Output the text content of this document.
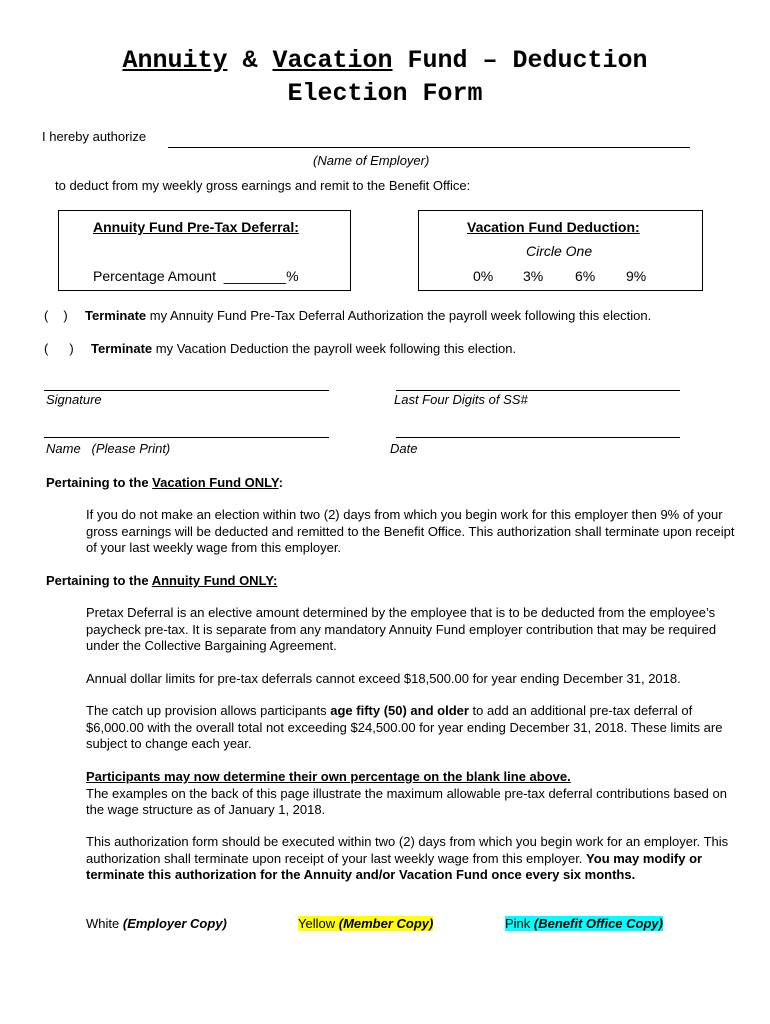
Annuity & Vacation Fund – Deduction
Election Form
I hereby authorize
(Name of Employer)
to deduct from my weekly gross earnings and remit to the Benefit Office:
Annuity Fund Pre-Tax Deferral:
Percentage Amount ________%
Vacation Fund Deduction:
Circle One
0% 3% 6% 9%
( ) Terminate my Annuity Fund Pre-Tax Deferral Authorization the payroll week following this election.
( ) Terminate my Vacation Deduction the payroll week following this election.
Signature	Last Four Digits of SS#
Name   (Please Print)	Date
Pertaining to the Vacation Fund ONLY:
If you do not make an election within two (2) days from which you begin work for this employer then 9% of your gross earnings will be deducted and remitted to the Benefit Office. This authorization shall terminate upon receipt of your last weekly wage from this employer.
Pertaining to the Annuity Fund ONLY:
Pretax Deferral is an elective amount determined by the employee that is to be deducted from the employee’s paycheck pre-tax. It is separate from any mandatory Annuity Fund employer contribution that may be required under the Collective Bargaining Agreement.
Annual dollar limits for pre-tax deferrals cannot exceed $18,500.00 for year ending December 31, 2018.
The catch up provision allows participants age fifty (50) and older to add an additional pre-tax deferral of $6,000.00 with the overall total not exceeding $24,500.00 for year ending December 31, 2018. These limits are subject to change each year.
Participants may now determine their own percentage on the blank line above.
The examples on the back of this page illustrate the maximum allowable pre-tax deferral contributions based on the wage structure as of January 1, 2018.
This authorization form should be executed within two (2) days from which you begin work for an employer. This authorization shall terminate upon receipt of your last weekly wage from this employer. You may modify or terminate this authorization for the Annuity and/or Vacation Fund once every six months.
White (Employer Copy)	Yellow (Member Copy)	Pink (Benefit Office Copy)
